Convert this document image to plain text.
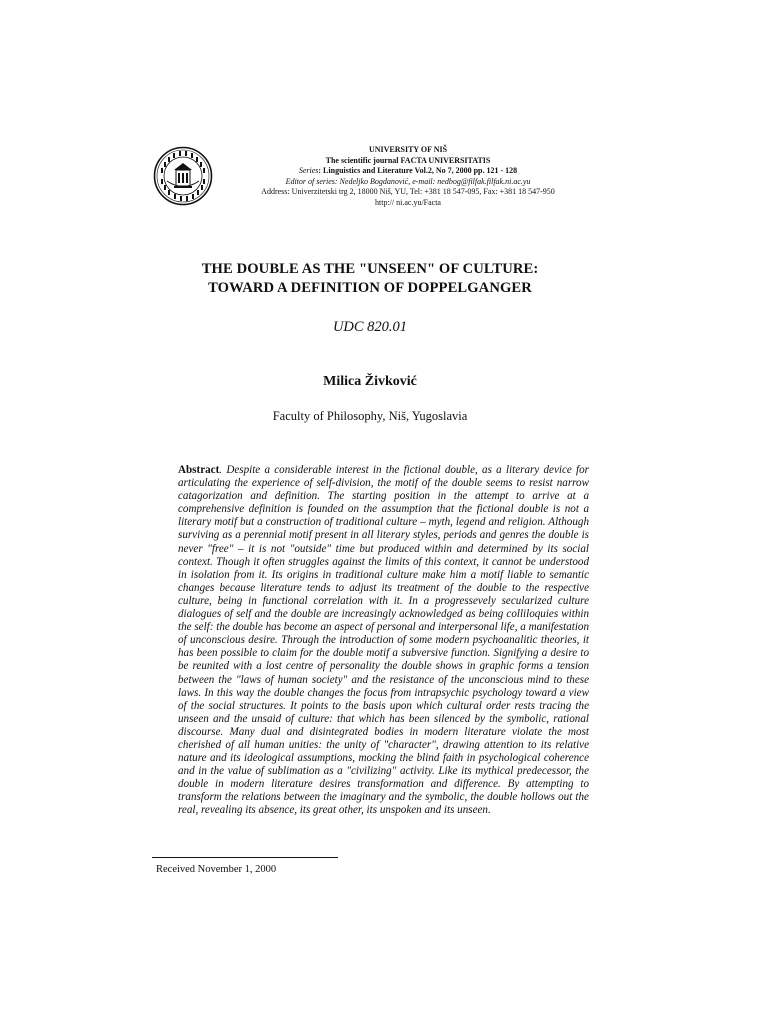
UNIVERSITY OF NIŠ
The scientific journal FACTA UNIVERSITATIS
Series: Linguistics and Literature Vol.2, No 7, 2000 pp. 121 - 128
Editor of series: Nedeljko Bogdanović, e-mail: nedbog@filfak.filfak.ni.ac.yu
Address: Univerzitetski trg 2, 18000 Niš, YU, Tel: +381 18 547-095, Fax: +381 18 547-950
http:// ni.ac.yu/Facta
THE DOUBLE AS THE "UNSEEN" OF CULTURE:
TOWARD A DEFINITION OF DOPPELGANGER
UDC 820.01
Milica Živković
Faculty of Philosophy, Niš, Yugoslavia
Abstract. Despite a considerable interest in the fictional double, as a literary device for articulating the experience of self-division, the motif of the double seems to resist narrow catagorization and definition. The starting position in the attempt to arrive at a comprehensive definition is founded on the assumption that the fictional double is not a literary motif but a construction of traditional culture – myth, legend and religion. Although surviving as a perennial motif present in all literary styles, periods and genres the double is never "free" – it is not "outside" time but produced within and determined by its social context. Though it often struggles against the limits of this context, it cannot be understood in isolation from it. Its origins in traditional culture make him a motif liable to semantic changes because literature tends to adjust its treatment of the double to the respective culture, being in functional correlation with it. In a progressevely secularized culture dialogues of self and the double are increasingly acknowledged as being colliloquies within the self: the double has become an aspect of personal and interpersonal life, a manifestation of unconscious desire. Through the introduction of some modern psychoanalitic theories, it has been possible to claim for the double motif a subversive function. Signifying a desire to be reunited with a lost centre of personality the double shows in graphic forms a tension between the "laws of human society" and the resistance of the unconscious mind to these laws. In this way the double changes the focus from intrapsychic psychology toward a view of the social structures. It points to the basis upon which cultural order rests tracing the unseen and the unsaid of culture: that which has been silenced by the symbolic, rational discourse. Many dual and disintegrated bodies in modern literature violate the most cherished of all human unities: the unity of "character", drawing attention to its relative nature and its ideological assumptions, mocking the blind faith in psychological coherence and in the value of sublimation as a "civilizing" activity. Like its mythical predecessor, the double in modern literature desires transformation and difference. By attempting to transform the relations between the imaginary and the symbolic, the double hollows out the real, revealing its absence, its great other, its unspoken and its unseen.
Received November 1, 2000
